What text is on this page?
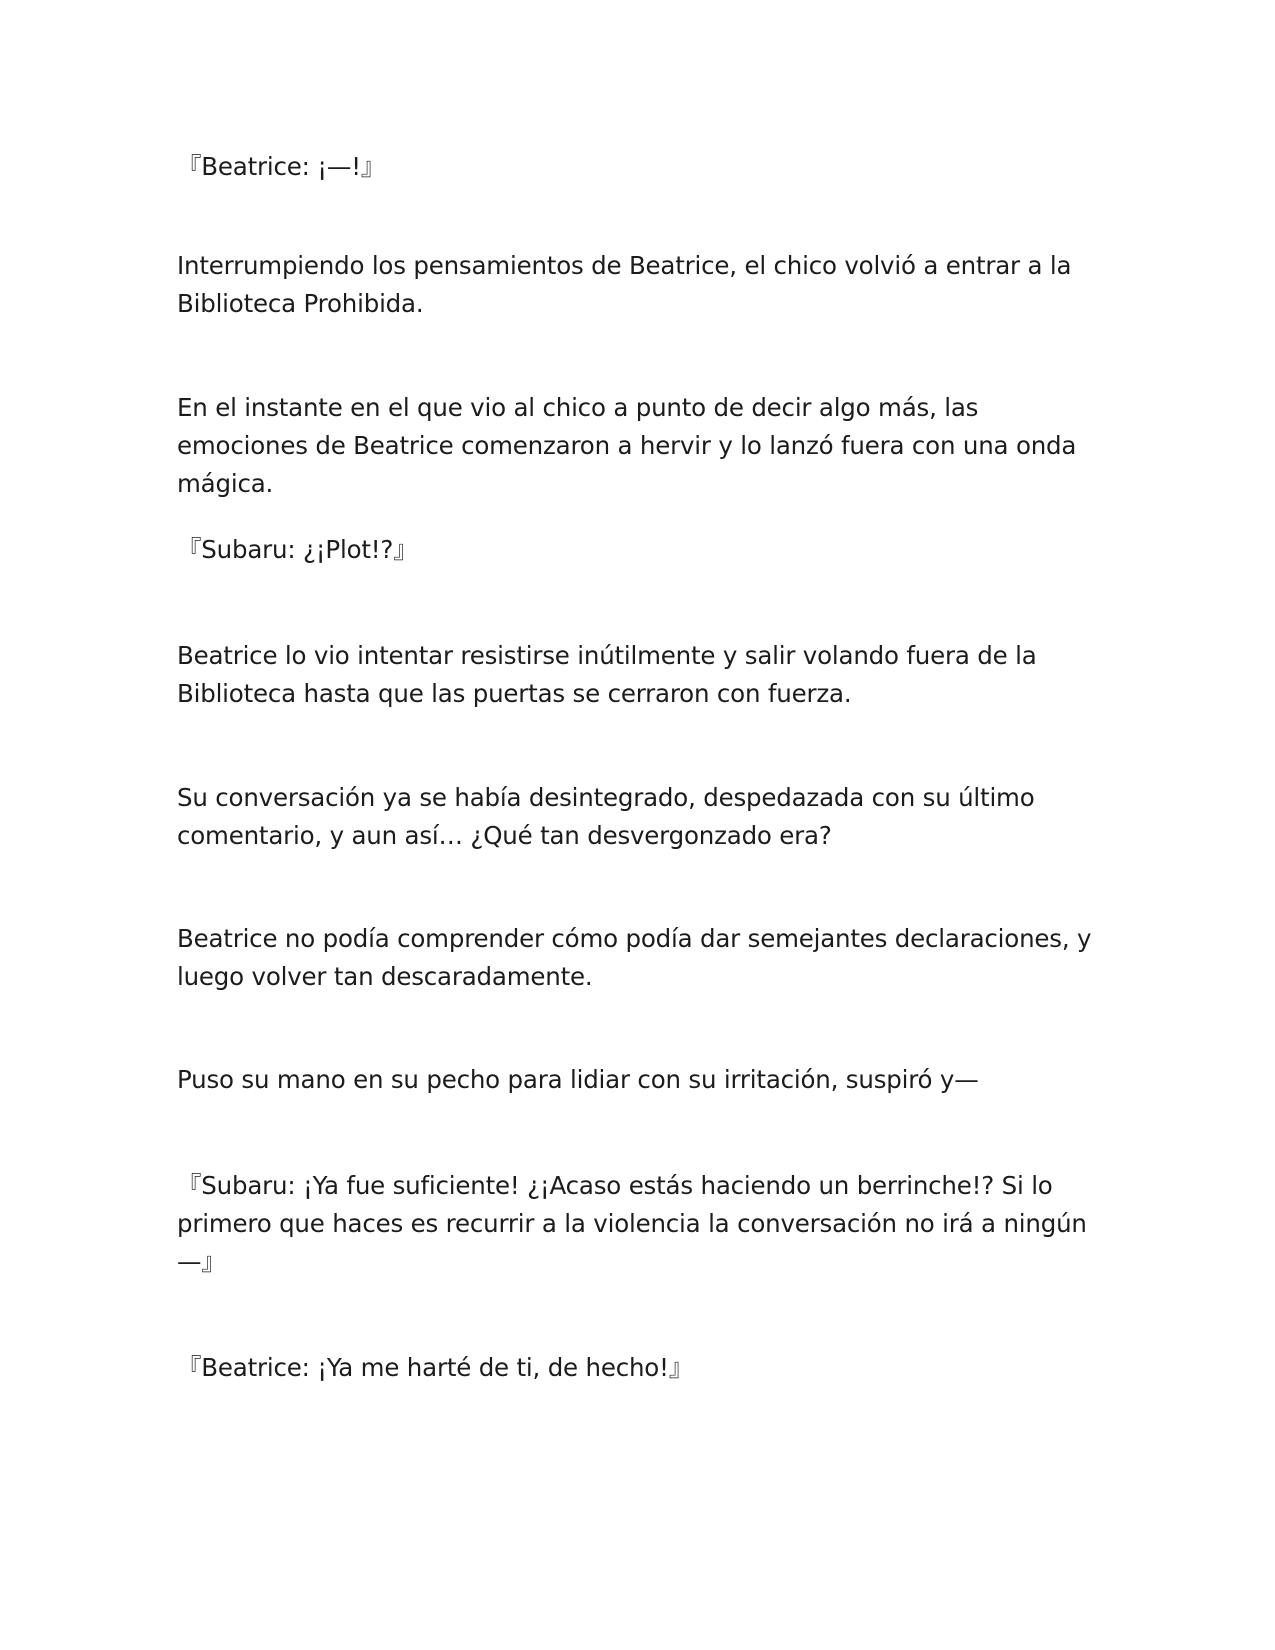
『Beatrice: ¡—!』

Interrumpiendo los pensamientos de Beatrice, el chico volvió a entrar a la Biblioteca Prohibida.

En el instante en el que vio al chico a punto de decir algo más, las emociones de Beatrice comenzaron a hervir y lo lanzó fuera con una onda mágica.

『Subaru: ¿¡Plot!?』

Beatrice lo vio intentar resistirse inútilmente y salir volando fuera de la Biblioteca hasta que las puertas se cerraron con fuerza.

Su conversación ya se había desintegrado, despedazada con su último comentario, y aun así… ¿Qué tan desvergonzado era?

Beatrice no podía comprender cómo podía dar semejantes declaraciones, y luego volver tan descaradamente.

Puso su mano en su pecho para lidiar con su irritación, suspiró y—

『Subaru: ¡Ya fue suficiente! ¿¡Acaso estás haciendo un berrinche!? Si lo primero que haces es recurrir a la violencia la conversación no irá a ningún—』

『Beatrice: ¡Ya me harté de ti, de hecho!』
